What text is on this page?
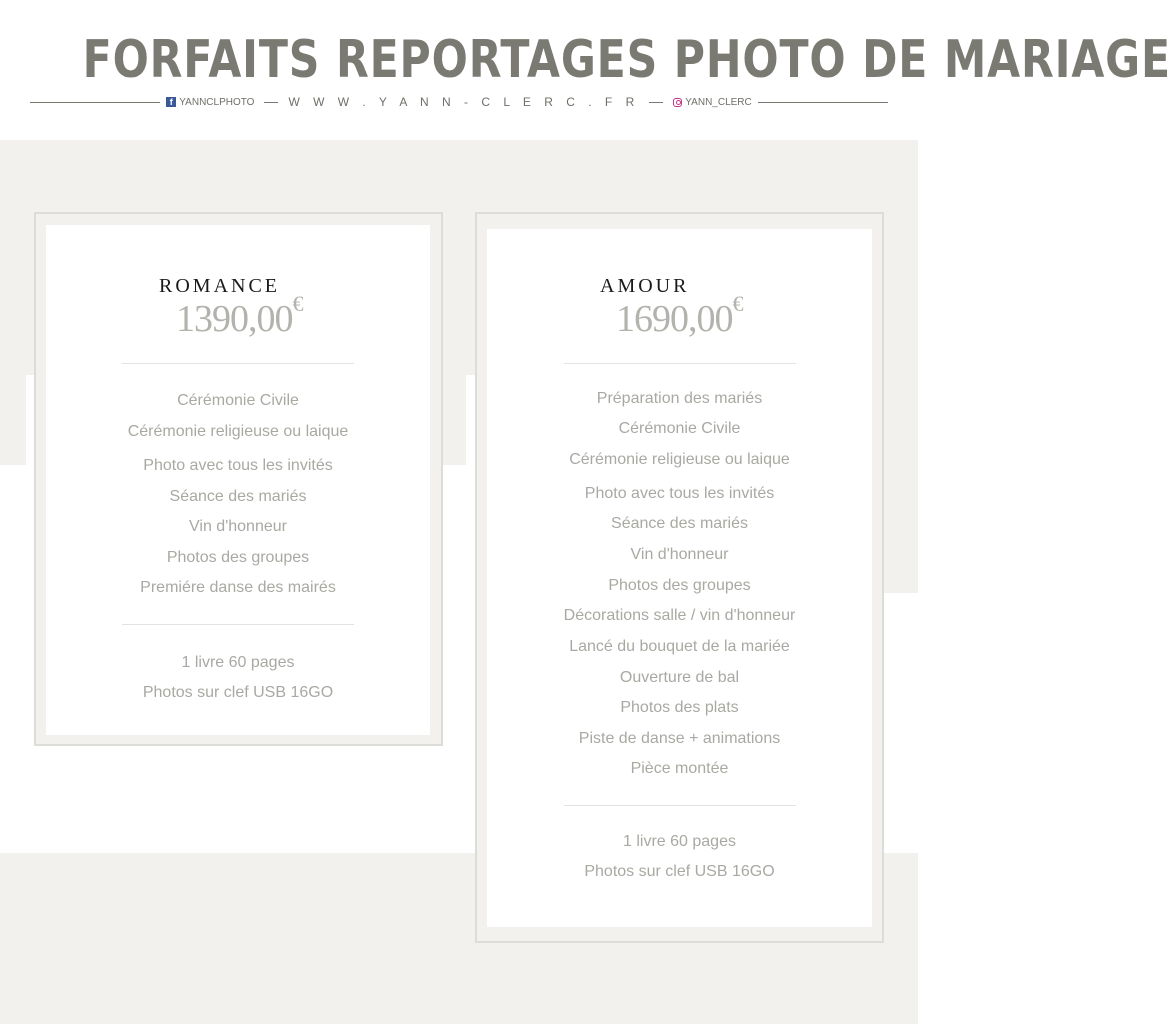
FORFAITS REPORTAGES PHOTO DE MARIAGE
f YANNCLPHOTO	W W W . Y A N N - C L E R C . F R	YANN_CLERC
ROMANCE
1390,00€
Cérémonie Civile
Cérémonie religieuse ou laique
Photo avec tous les invités
Séance des mariés
Vin d'honneur
Photos des groupes
Premiére danse des mairés
1 livre 60 pages
Photos sur clef USB 16GO
AMOUR
1690,00€
Préparation des mariés
Cérémonie Civile
Cérémonie religieuse ou laique
Photo avec tous les invités
Séance des mariés
Vin d'honneur
Photos des groupes
Décorations salle / vin d'honneur
Lancé du bouquet de la mariée
Ouverture de bal
Photos des plats
Piste de danse + animations
Pièce montée
1 livre 60 pages
Photos sur clef USB 16GO
